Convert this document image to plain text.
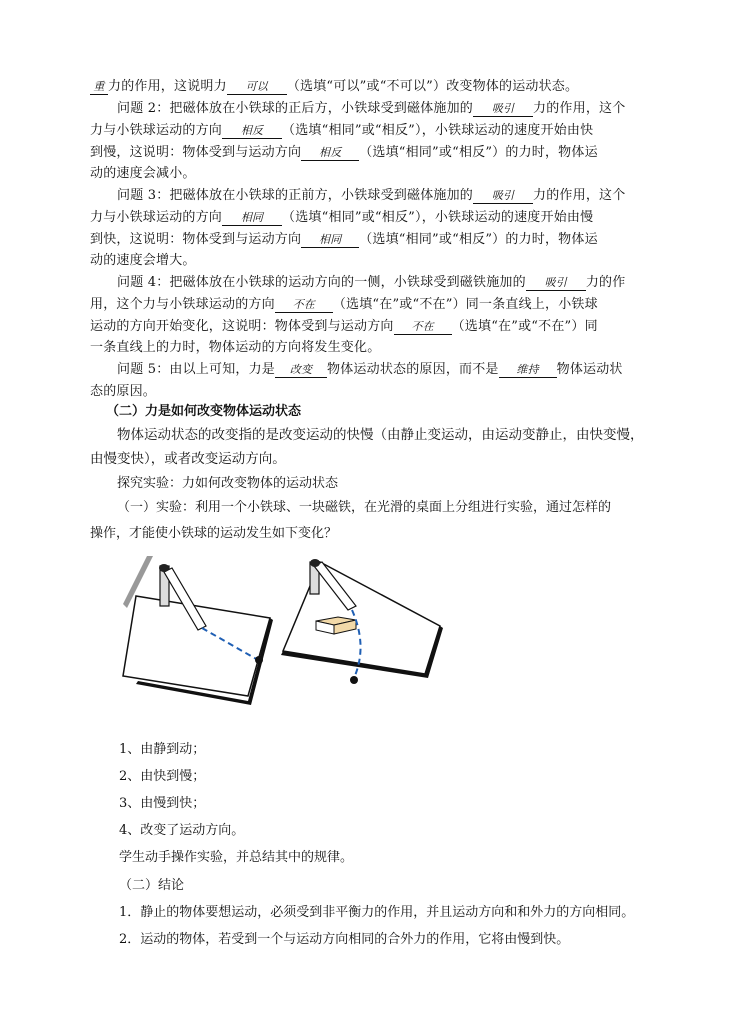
重 力的作用，这说明力 可以 （选填“可以”或“不可以”）改变物体的运动状态。
问题 2：把磁体放在小铁球的正后方，小铁球受到磁体施加的 吸引 力的作用，这个
力与小铁球运动的方向 相反 （选填“相同”或“相反”），小铁球运动的速度开始由快
到慢，这说明：物体受到与运动方向 相反 （选填“相同”或“相反”）的力时，物体运
动的速度会减小。
问题 3：把磁体放在小铁球的正前方，小铁球受到磁体施加的 吸引 力的作用，这个
力与小铁球运动的方向 相同 （选填“相同”或“相反”），小铁球运动的速度开始由慢
到快，这说明：物体受到与运动方向 相同 （选填“相同”或“相反”）的力时，物体运
动的速度会增大。
问题 4：把磁体放在小铁球的运动方向的一侧，小铁球受到磁铁施加的 吸引 力的作
用，这个力与小铁球运动的方向 不在 （选填“在”或“不在”）同一条直线上，小铁球
运动的方向开始变化，这说明：物体受到与运动方向 不在 （选填“在”或“不在”）同
一条直线上的力时，物体运动的方向将发生变化。
问题 5：由以上可知，力是 改变 物体运动状态的原因，而不是 维持 物体运动状
态的原因。
（二）力是如何改变物体运动状态
物体运动状态的改变指的是改变运动的快慢（由静止变运动，由运动变静止，由快变慢，
由慢变快），或者改变运动方向。
探究实验：力如何改变物体的运动状态
（一）实验：利用一个小铁球、一块磁铁，在光滑的桌面上分组进行实验，通过怎样的
操作，才能使小铁球的运动发生如下变化？
1、由静到动；
2、由快到慢；
3、由慢到快；
4、改变了运动方向。
学生动手操作实验，并总结其中的规律。
（二）结论
1．静止的物体要想运动，必须受到非平衡力的作用，并且运动方向和和外力的方向相同。
2．运动的物体，若受到一个与运动方向相同的合外力的作用，它将由慢到快。
